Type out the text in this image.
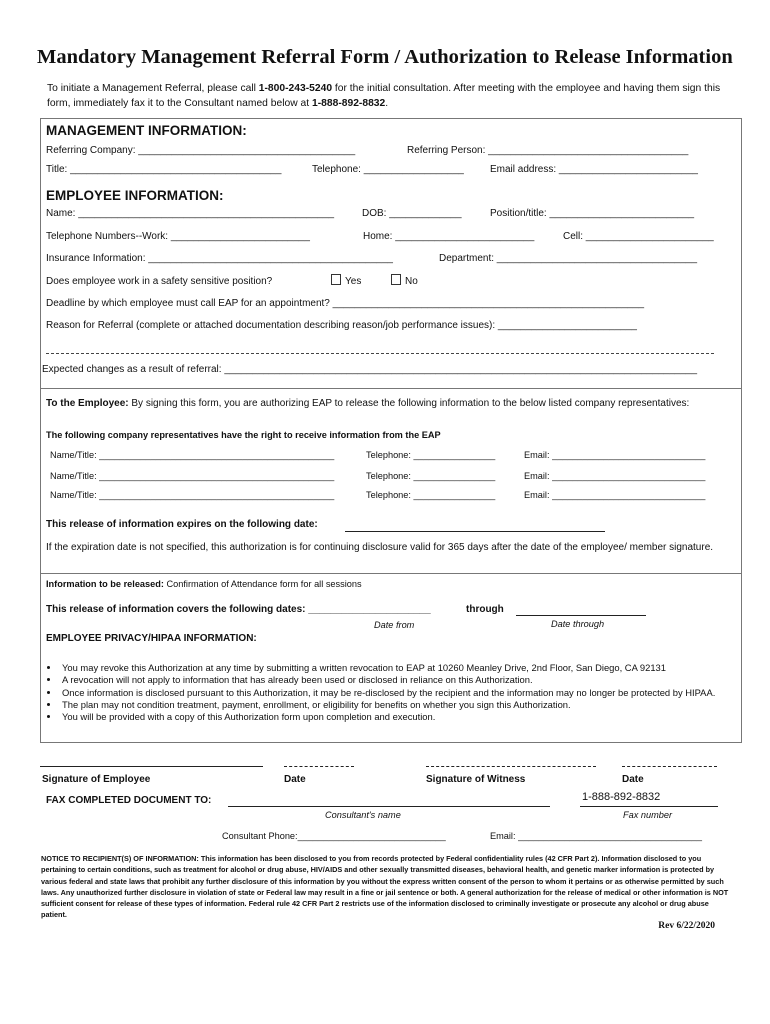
Mandatory Management Referral Form / Authorization to Release Information
To initiate a Management Referral, please call 1-800-243-5240 for the initial consultation. After meeting with the employee and having them sign this form, immediately fax it to the Consultant named below at 1-888-892-8832.
MANAGEMENT INFORMATION:
Referring Company: _______________________________________	Referring Person: ____________________________________
Title: ______________________________________	Telephone: __________________	Email address: _________________________
EMPLOYEE INFORMATION:
Name: ______________________________________________	DOB: _____________	Position/title: __________________________
Telephone Numbers--Work: _________________________	Home: _________________________	Cell: _______________________
Insurance Information: ____________________________________________	Department: ____________________________________
Does employee work in a safety sensitive position?	Yes	No
Deadline by which employee must call EAP for an appointment? ________________________________________________________
Reason for Referral (complete or attached documentation describing reason/job performance issues): _________________________
Expected changes as a result of referral: _____________________________________________________________________________________
To the Employee: By signing this form, you are authorizing EAP to release the following information to the below listed company representatives:
The following company representatives have the right to receive information from the EAP
Name/Title: ______________________________________________	Telephone: ________________	Email: ______________________________
Name/Title: ______________________________________________	Telephone: ________________	Email: ______________________________
Name/Title: ______________________________________________	Telephone: ________________	Email: ______________________________
This release of information expires on the following date:
If the expiration date is not specified, this authorization is for continuing disclosure valid for 365 days after the date of the employee/ member signature.
Information to be released: Confirmation of Attendance form for all sessions
This release of information covers the following dates: ______________________	through
Date from	Date through
EMPLOYEE PRIVACY/HIPAA INFORMATION:
• You may revoke this Authorization at any time by submitting a written revocation to EAP at 10260 Meanley Drive, 2nd Floor, San Diego, CA 92131
• A revocation will not apply to information that has already been used or disclosed in reliance on this Authorization.
• Once information is disclosed pursuant to this Authorization, it may be re-disclosed by the recipient and the information may no longer be protected by HIPAA.
• The plan may not condition treatment, payment, enrollment, or eligibility for benefits on whether you sign this Authorization.
• You will be provided with a copy of this Authorization form upon completion and execution.
Signature of Employee	Date	Signature of Witness	Date
FAX COMPLETED DOCUMENT TO:	1-888-892-8832
Consultant's name	Fax number
Consultant Phone:_____________________________	Email: ____________________________________
NOTICE TO RECIPIENT(S) OF INFORMATION: This information has been disclosed to you from records protected by Federal confidentiality rules (42 CFR Part 2). Information disclosed to you pertaining to certain conditions, such as treatment for alcohol or drug abuse, HIV/AIDS and other sexually transmitted diseases, behavioral health, and genetic marker information is protected by various federal and state laws that prohibit any further disclosure of this information by you without the express written consent of the person to whom it pertains or as otherwise permitted by such laws. Any unauthorized further disclosure in violation of state or Federal law may result in a fine or jail sentence or both. A general authorization for the release of medical or other information is NOT sufficient consent for release of these types of information. Federal rule 42 CFR Part 2 restricts use of the information disclosed to criminally investigate or prosecute any alcohol or drug abuse patient.
Rev 6/22/2020
